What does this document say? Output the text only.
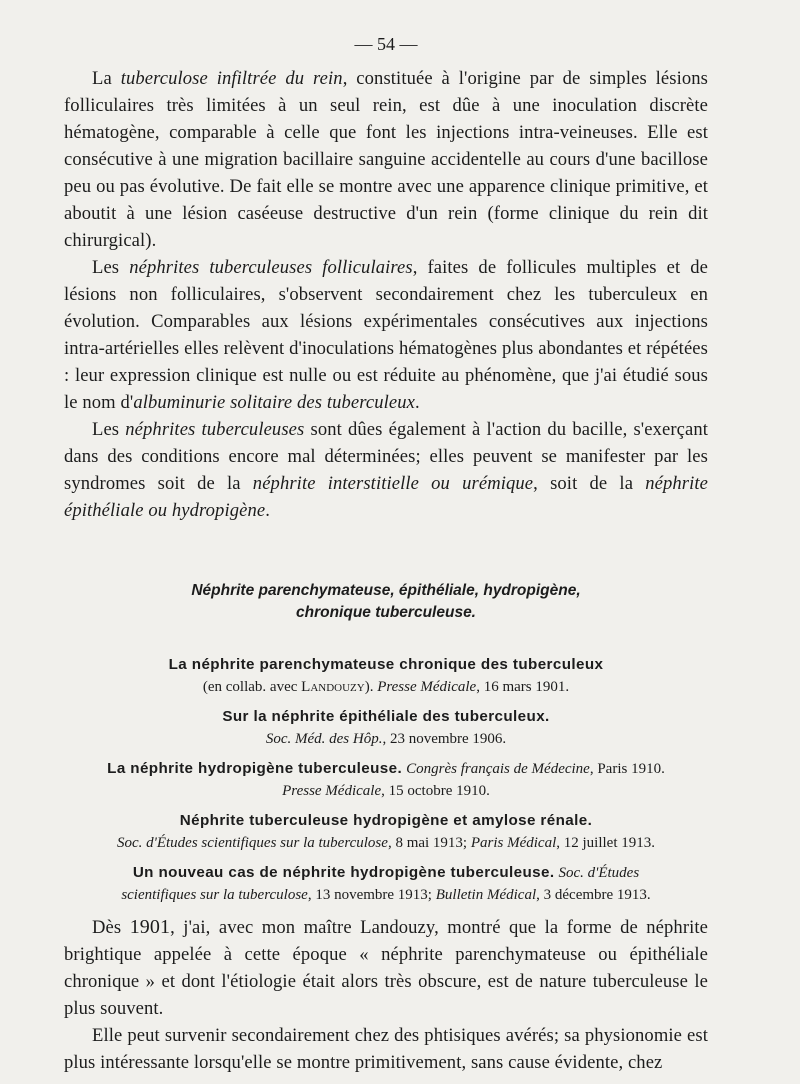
— 54 —

La tuberculose infiltrée du rein, constituée à l'origine par de simples lésions folliculaires très limitées à un seul rein, est dûe à une inoculation discrète hématogène, comparable à celle que font les injections intra-veineuses. Elle est consécutive à une migration bacillaire sanguine accidentelle au cours d'une bacillose peu ou pas évolutive. De fait elle se montre avec une apparence clinique primitive, et aboutit à une lésion caséeuse destructive d'un rein (forme clinique du rein dit chirurgical).

Les néphrites tuberculeuses folliculaires, faites de follicules multiples et de lésions non folliculaires, s'observent secondairement chez les tuberculeux en évolution. Comparables aux lésions expérimentales consécutives aux injections intra-artérielles elles relèvent d'inoculations hématogènes plus abondantes et répétées : leur expression clinique est nulle ou est réduite au phénomène, que j'ai étudié sous le nom d'albuminurie solitaire des tuberculeux.

Les néphrites tuberculeuses sont dûes également à l'action du bacille, s'exerçant dans des conditions encore mal déterminées; elles peuvent se manifester par les syndromes soit de la néphrite interstitielle ou urémique, soit de la néphrite épithéliale ou hydropigène.

Néphrite parenchymateuse, épithéliale, hydropigène,
chronique tuberculeuse.
La néphrite parenchymateuse chronique des tuberculeux
(en collab. avec Landouzy). Presse Médicale, 16 mars 1901.
Sur la néphrite épithéliale des tuberculeux.
Soc. Méd. des Hôp., 23 novembre 1906.
La néphrite hydropigène tuberculeuse. Congrès français de Médecine, Paris 1910.
Presse Médicale, 15 octobre 1910.
Néphrite tuberculeuse hydropigène et amylose rénale.
Soc. d'Études scientifiques sur la tuberculose, 8 mai 1913; Paris Médical, 12 juillet 1913.
Un nouveau cas de néphrite hydropigène tuberculeuse. Soc. d'Études
scientifiques sur la tuberculose, 13 novembre 1913; Bulletin Médical, 3 décembre 1913.

Dès 1901, j'ai, avec mon maître Landouzy, montré que la forme de néphrite brightique appelée à cette époque « néphrite parenchymateuse ou épithéliale chronique » et dont l'étiologie était alors très obscure, est de nature tuberculeuse le plus souvent.

Elle peut survenir secondairement chez des phtisiques avérés; sa physionomie est plus intéressante lorsqu'elle se montre primitivement, sans cause évidente, chez
